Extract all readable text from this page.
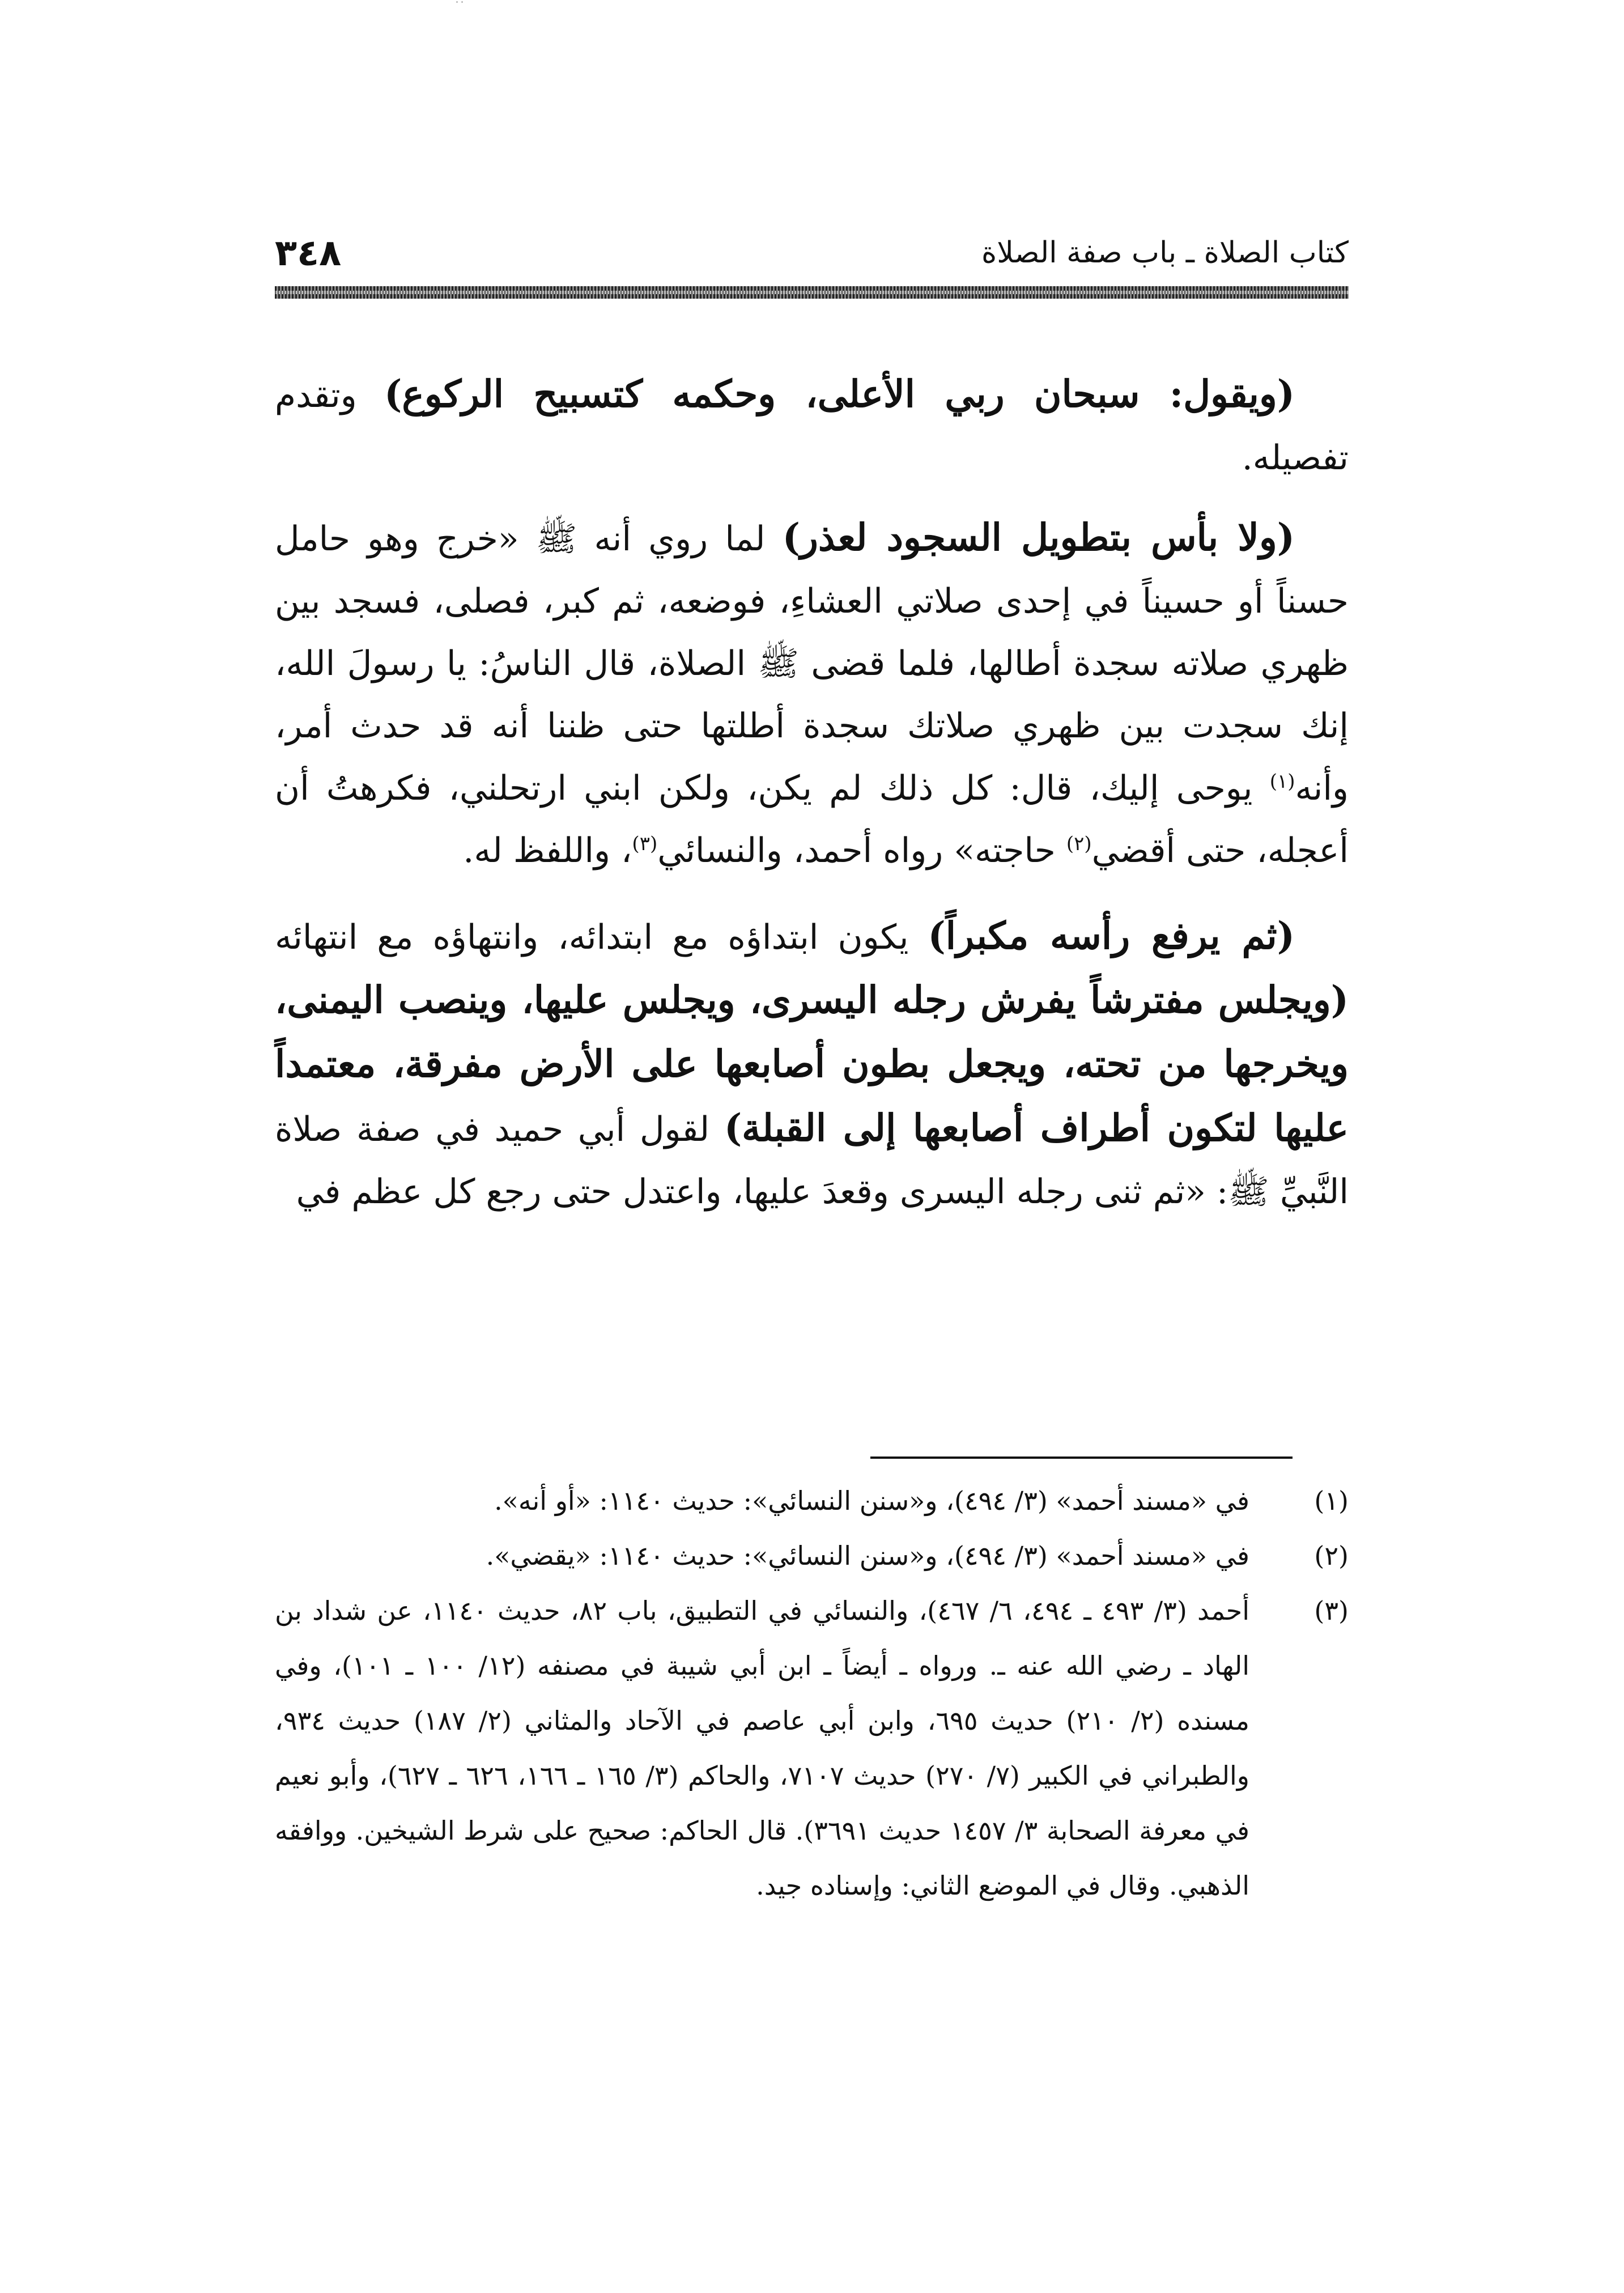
˙˙
٣٤٨	كتاب الصلاة ـ باب صفة الصلاة

(ويقول: سبحان ربي الأعلى، وحكمه كتسبيح الركوع) وتقدم تفصيله.

(ولا بأس بتطويل السجود لعذر) لما روي أنه ﷺ «خرج وهو حامل حسناً أو حسيناً في إحدى صلاتي العشاءِ، فوضعه، ثم كبر، فصلى، فسجد بين ظهري صلاته سجدة أطالها، فلما قضى ﷺ الصلاة، قال الناسُ: يا رسولَ الله، إنك سجدت بين ظهري صلاتك سجدة أطلتها حتى ظننا أنه قد حدث أمر، وأنه$^{(١)}$ يوحى إليك، قال: كل ذلك لم يكن، ولكن ابني ارتحلني، فكرهتُ أن أعجله، حتى أقضي$^{(٢)}$ حاجته» رواه أحمد، والنسائي$^{(٣)}$، واللفظ له.

(ثم يرفع رأسه مكبراً) يكون ابتداؤه مع ابتدائه، وانتهاؤه مع انتهائه (ويجلس مفترشاً يفرش رجله اليسرى، ويجلس عليها، وينصب اليمنى، ويخرجها من تحته، ويجعل بطون أصابعها على الأرض مفرقة، معتمداً عليها لتكون أطراف أصابعها إلى القبلة) لقول أبي حميد في صفة صلاة النَّبيِّ ﷺ: «ثم ثنى رجله اليسرى وقعدَ عليها، واعتدل حتى رجع كل عظم في

(١)
في «مسند أحمد» (٣/ ٤٩٤)، و«سنن النسائي»: حديث ١١٤٠: «أو أنه».
(٢)
في «مسند أحمد» (٣/ ٤٩٤)، و«سنن النسائي»: حديث ١١٤٠: «يقضي».
(٣)
أحمد (٣/ ٤٩٣ ـ ٤٩٤، ٦/ ٤٦٧)، والنسائي في التطبيق، باب ٨٢، حديث ١١٤٠، عن شداد بن الهاد ـ رضي الله عنه ـ. ورواه ـ أيضاً ـ ابن أبي شيبة في مصنفه (١٢/ ١٠٠ ـ ١٠١)، وفي مسنده (٢/ ٢١٠) حديث ٦٩٥، وابن أبي عاصم في الآحاد والمثاني (٢/ ١٨٧) حديث ٩٣٤، والطبراني في الكبير (٧/ ٢٧٠) حديث ٧١٠٧، والحاكم (٣/ ١٦٥ ـ ١٦٦، ٦٢٦ ـ ٦٢٧)، وأبو نعيم في معرفة الصحابة ٣/ ١٤٥٧ حديث ٣٦٩١). قال الحاكم: صحيح على شرط الشيخين. ووافقه الذهبي. وقال في الموضع الثاني: وإسناده جيد.
